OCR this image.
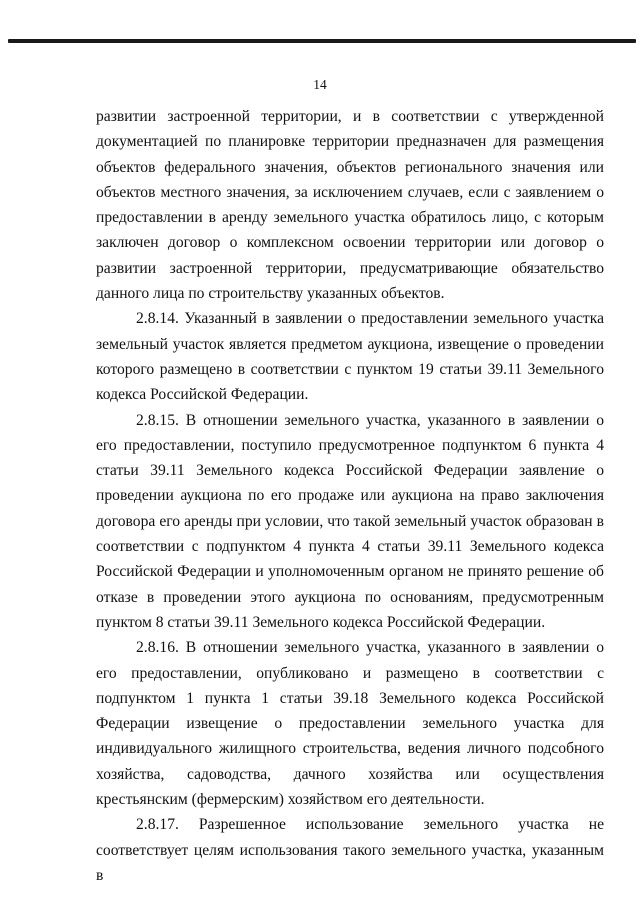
14

развитии застроенной территории, и в соответствии с утвержденной документацией по планировке территории предназначен для размещения объектов федерального значения, объектов регионального значения или объектов местного значения, за исключением случаев, если с заявлением о предоставлении в аренду земельного участка обратилось лицо, с которым заключен договор о комплексном освоении территории или договор о развитии застроенной территории, предусматривающие обязательство данного лица по строительству указанных объектов.

2.8.14. Указанный в заявлении о предоставлении земельного участка земельный участок является предметом аукциона, извещение о проведении которого размещено в соответствии с пунктом 19 статьи 39.11 Земельного кодекса Российской Федерации.

2.8.15. В отношении земельного участка, указанного в заявлении о его предоставлении, поступило предусмотренное подпунктом 6 пункта 4 статьи 39.11 Земельного кодекса Российской Федерации заявление о проведении аукциона по его продаже или аукциона на право заключения договора его аренды при условии, что такой земельный участок образован в соответствии с подпунктом 4 пункта 4 статьи 39.11 Земельного кодекса Российской Федерации и уполномоченным органом не принято решение об отказе в проведении этого аукциона по основаниям, предусмотренным пунктом 8 статьи 39.11 Земельного кодекса Российской Федерации.

2.8.16. В отношении земельного участка, указанного в заявлении о его предоставлении, опубликовано и размещено в соответствии с подпунктом 1 пункта 1 статьи 39.18 Земельного кодекса Российской Федерации извещение о предоставлении земельного участка для индивидуального жилищного строительства, ведения личного подсобного хозяйства, садоводства, дачного хозяйства или осуществления крестьянским (фермерским) хозяйством его деятельности.

2.8.17. Разрешенное использование земельного участка не соответствует целям использования такого земельного участка, указанным в
